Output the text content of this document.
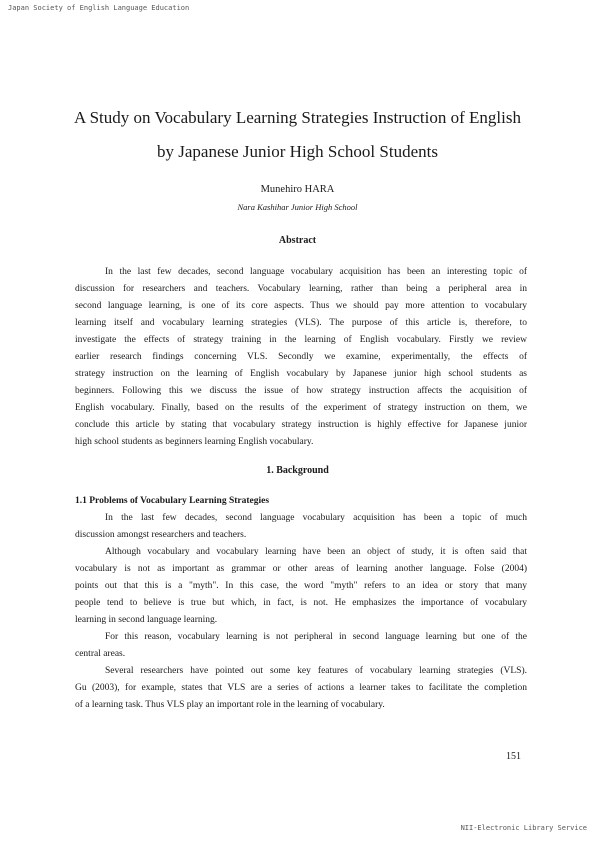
Japan Society of English Language Education
A Study on Vocabulary Learning Strategies Instruction of English
by Japanese Junior High School Students
Munehiro HARA
Nara Kashihar Junior High School
Abstract
In the last few decades, second language vocabulary acquisition has been an interesting topic of
discussion for researchers and teachers. Vocabulary learning, rather than being a peripheral area in
second language learning, is one of its core aspects. Thus we should pay more attention to vocabulary
learning itself and vocabulary learning strategies (VLS). The purpose of this article is, therefore, to
investigate the effects of strategy training in the learning of English vocabulary. Firstly we review
earlier research findings concerning VLS. Secondly we examine, experimentally, the effects of
strategy instruction on the learning of English vocabulary by Japanese junior high school students as
beginners. Following this we discuss the issue of how strategy instruction affects the acquisition of
English vocabulary. Finally, based on the results of the experiment of strategy instruction on them, we
conclude this article by stating that vocabulary strategy instruction is highly effective for Japanese junior
high school students as beginners learning English vocabulary.
1. Background
1.1 Problems of Vocabulary Learning Strategies
In the last few decades, second language vocabulary acquisition has been a topic of much
discussion amongst researchers and teachers.
Although vocabulary and vocabulary learning have been an object of study, it is often said that
vocabulary is not as important as grammar or other areas of learning another language. Folse (2004)
points out that this is a "myth". In this case, the word "myth" refers to an idea or story that many
people tend to believe is true but which, in fact, is not. He emphasizes the importance of vocabulary
learning in second language learning.
For this reason, vocabulary learning is not peripheral in second language learning but one of the
central areas.
Several researchers have pointed out some key features of vocabulary learning strategies (VLS).
Gu (2003), for example, states that VLS are a series of actions a learner takes to facilitate the completion
of a learning task. Thus VLS play an important role in the learning of vocabulary.
151
NII-Electronic Library Service
